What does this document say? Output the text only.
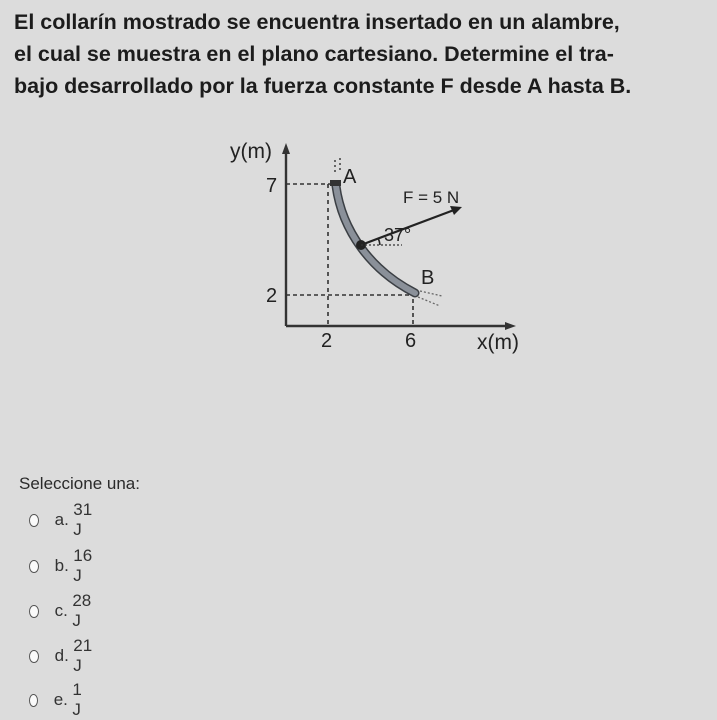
El collarín mostrado se encuentra insertado en un alambre,
el cual se muestra en el plano cartesiano. Determine el tra-
bajo desarrollado por la fuerza constante F desde A hasta B.
y(m)
x(m)
7
2
2	6
A
B
F = 5 N
37°
Seleccione una:
a.

31 J
b.

16 J
c.

28 J
d.

21 J
e.

1 J
